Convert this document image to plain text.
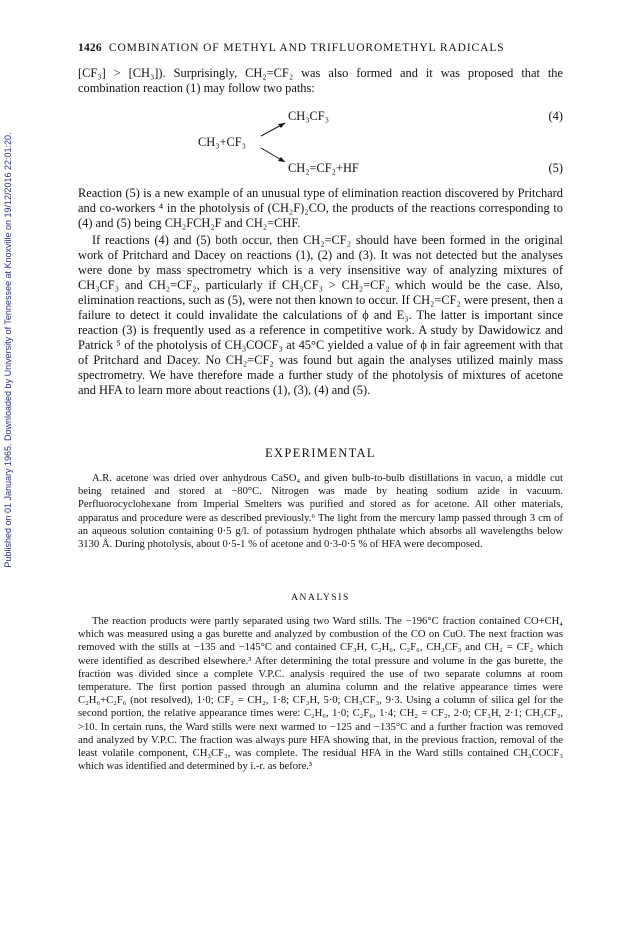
Published on 01 January 1965. Downloaded by University of Tennessee at Knoxville on 19/12/2016 22:01:20.
1426 COMBINATION OF METHYL AND TRIFLUOROMETHYL RADICALS

[CF₃] > [CH₃]). Surprisingly, CH₂=CF₂ was also formed and it was proposed that the combination reaction (1) may follow two paths:

CH₃+CF₃
CH₃CF₃
CH₂=CF₂+HF
(4)
(5)

Reaction (5) is a new example of an unusual type of elimination reaction discovered by Pritchard and co-workers ⁴ in the photolysis of (CH₂F)₂CO, the products of the reactions corresponding to (4) and (5) being CH₂FCH₂F and CH₂=CHF.

If reactions (4) and (5) both occur, then CH₂=CF₂ should have been formed in the original work of Pritchard and Dacey on reactions (1), (2) and (3). It was not detected but the analyses were done by mass spectrometry which is a very insensitive way of analyzing mixtures of CH₃CF₃ and CH₂=CF₂, particularly if CH₃CF₃ > CH₂=CF₂ which would be the case. Also, elimination reactions, such as (5), were not then known to occur. If CH₂=CF₂ were present, then a failure to detect it could invalidate the calculations of ϕ and E₃. The latter is important since reaction (3) is frequently used as a reference in competitive work. A study by Dawidowicz and Patrick ⁵ of the photolysis of CH₃COCF₃ at 45°C yielded a value of ϕ in fair agreement with that of Pritchard and Dacey. No CH₂=CF₂ was found but again the analyses utilized mainly mass spectrometry. We have therefore made a further study of the photolysis of mixtures of acetone and HFA to learn more about reactions (1), (3), (4) and (5).

EXPERIMENTAL

A.R. acetone was dried over anhydrous CaSO₄ and given bulb-to-bulb distillations in vacuo, a middle cut being retained and stored at −80°C. Nitrogen was made by heating sodium azide in vacuum. Perfluorocyclohexane from Imperial Smelters was purified and stored as for acetone. All other materials, apparatus and procedure were as described previously.⁶ The light from the mercury lamp passed through 3 cm of an aqueous solution containing 0·5 g/l. of potassium hydrogen phthalate which absorbs all wavelengths below 3130 Å. During photolysis, about 0·5-1 % of acetone and 0·3-0·5 % of HFA were decomposed.

ANALYSIS

The reaction products were partly separated using two Ward stills. The −196°C fraction contained CO+CH₄ which was measured using a gas burette and analyzed by combustion of the CO on CuO. The next fraction was removed with the stills at −135 and −145°C and contained CF₃H, C₂H₆, C₂F₆, CH₃CF₃ and CH₂ = CF₂ which were identified as described elsewhere.³ After determining the total pressure and volume in the gas burette, the fraction was divided since a complete V.P.C. analysis required the use of two separate columns at room temperature. The first portion passed through an alumina column and the relative appearance times were C₂H₆+C₂F₆ (not resolved), 1·0; CF₂ = CH₂, 1·8; CF₃H, 5·0; CH₃CF₃, 9·3. Using a column of silica gel for the second portion, the relative appearance times were: C₂H₆, 1·0; C₂F₆, 1·4; CH₂ = CF₂, 2·0; CF₃H, 2·1; CH₃CF₃, >10. In certain runs, the Ward stills were next warmed to −125 and −135°C and a further fraction was removed and analyzed by V.P.C. The fraction was always pure HFA showing that, in the previous fraction, removal of the least volatile component, CH₃CF₃, was complete. The residual HFA in the Ward stills contained CH₃COCF₃ which was identified and determined by i.-r. as before.³
